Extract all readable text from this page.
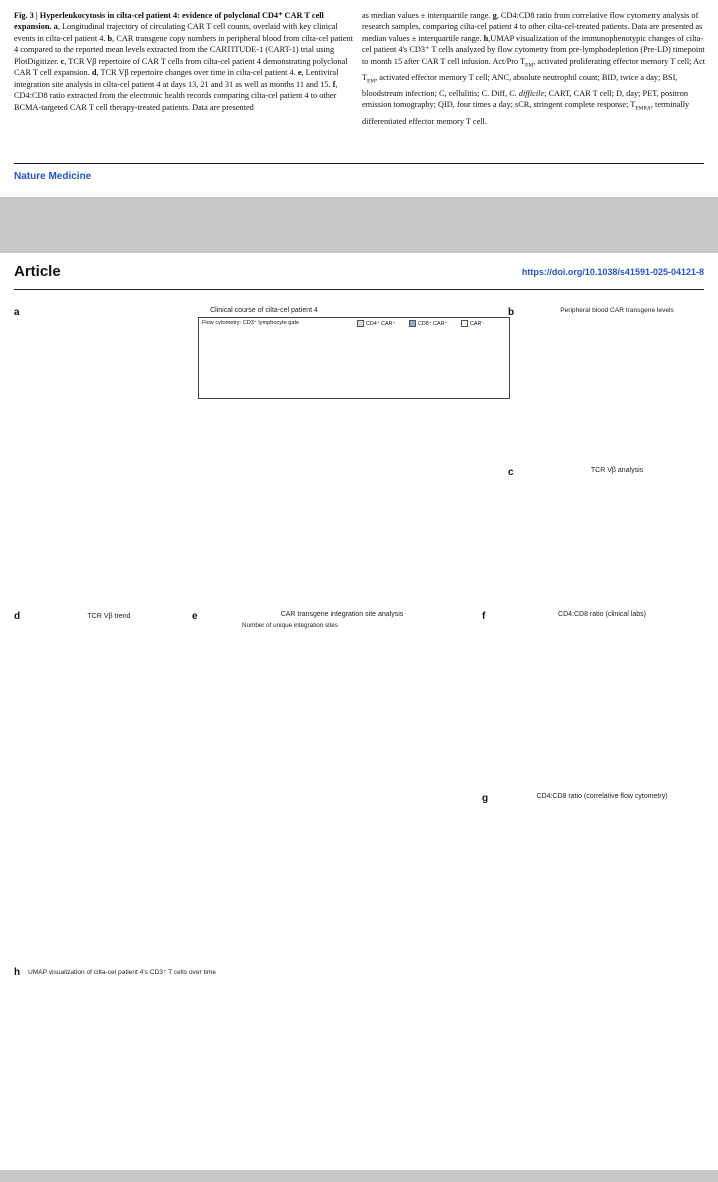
Fig. 3 | Hyperleukocytosis in cilta-cel patient 4: evidence of polyclonal CD4⁺ CAR T cell expansion. a, Longitudinal trajectory of circulating CAR T cell counts, overlaid with key clinical events in cilta-cel patient 4. b, CAR transgene copy numbers in peripheral blood from cilta-cel patient 4 compared to the reported mean levels extracted from the CARTITUDE-1 (CART-1) trial using PlotDigitizer. c, TCR Vβ repertoire of CAR T cells from cilta-cel patient 4 demonstrating polyclonal CAR T cell expansion. d, TCR Vβ repertoire changes over time in cilta-cel patient 4. e, Lentiviral integration site analysis in cilta-cel patient 4 at days 13, 21 and 31 as well as months 11 and 15. f, CD4:CD8 ratio extracted from the electronic health records comparing cilta-cel patient 4 to other BCMA-targeted CAR T cell therapy-treated patients. Data are presented
as median values ± interquartile range. g, CD4:CD8 ratio from correlative flow cytometry analysis of research samples, comparing cilta-cel patient 4 to other cilta-cel-treated patients. Data are presented as median values ± interquartile range. h,UMAP visualization of the immunophenotypic changes of cilta-cel patient 4's CD3⁺ T cells analyzed by flow cytometry from pre-lymphodepletion (Pre-LD) timepoint to month 15 after CAR T cell infusion. Act/Pro $T_{EM}$, activated proliferating effector memory T cell; Act $T_{EM}$, activated effector memory T cell; ANC, absolute neutrophil count; BID, twice a day; BSI, bloodstream infection; C, cellulitis; C. Diff, C. difficile; CART, CAR T cell; D, day; PET, positron emission tomography; QID, four times a day; sCR, stringent complete response; $T_{EMRA}$, terminally differentiated effector memory T cell.
Nature Medicine
Article	https://doi.org/10.1038/s41591-025-04121-8
a	Clinical course of cilta-cel patient 4
Flow cytometry: CD3⁺ lymphocyte gate	CD4⁺ CAR⁺	CD8⁺ CAR⁺	CAR⁻
b	Peripheral blood CAR transgene levels
c	TCR Vβ analysis
d	TCR Vβ trend	e	CAR transgene integration site analysis
Number of unique integration sites
f	CD4:CD8 ratio (clinical labs)
g	CD4:CD8 ratio (correlative flow cytometry)
h UMAP visualization of cilta-cel patient 4's CD3⁺ T cells over time
